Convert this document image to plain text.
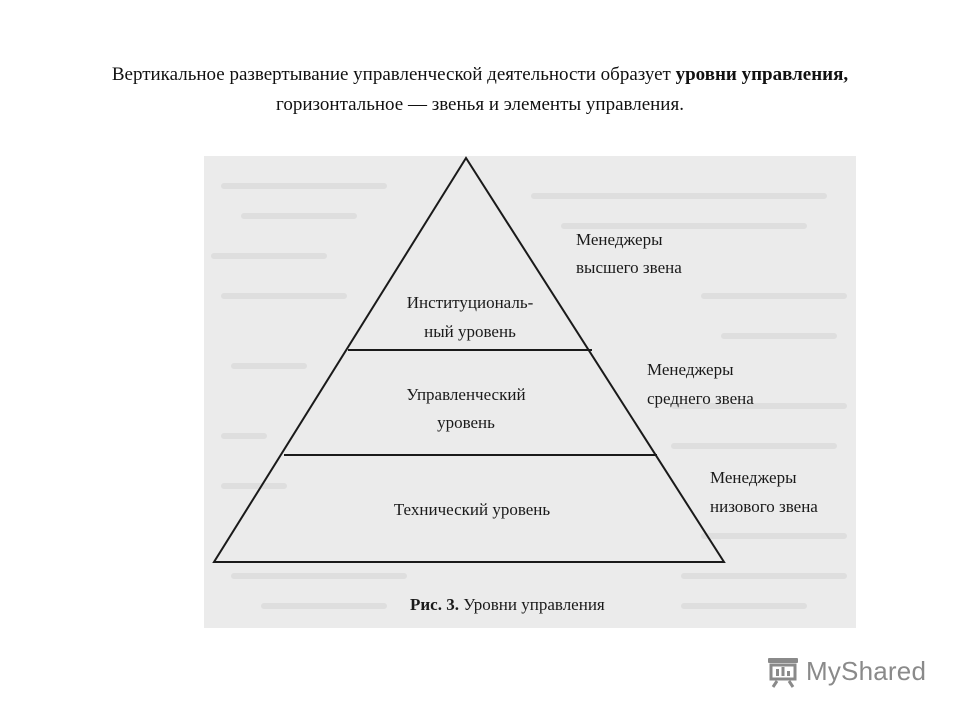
Вертикальное развертывание управленческой деятельности образует уровни управления, горизонтальное — звенья и элементы управления.
Институциональ-
ный уровень
Управленческий
уровень
Технический уровень
Менеджеры
высшего звена
Менеджеры
среднего звена
Менеджеры
низового звена
Рис. 3. Уровни управления
MyShared
